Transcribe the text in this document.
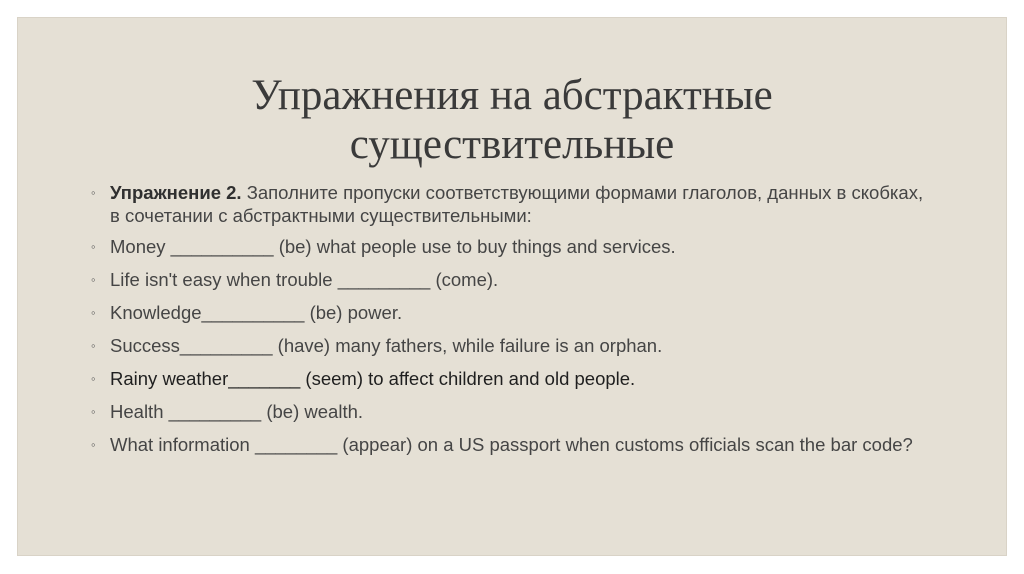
Упражнения на абстрактные
существительные
◦ Упражнение 2. Заполните пропуски соответствующими формами глаголов, данных в скобках, в сочетании с абстрактными существительными:
◦ Money __________ (be) what people use to buy things and services.
◦ Life isn't easy when trouble _________ (come).
◦ Knowledge__________ (be) power.
◦ Success_________ (have) many fathers, while failure is an orphan.
◦ Rainy weather_______ (seem) to affect children and old people.
◦ Health _________ (be) wealth.
◦ What information ________ (appear) on a US passport when customs officials scan the bar code?
